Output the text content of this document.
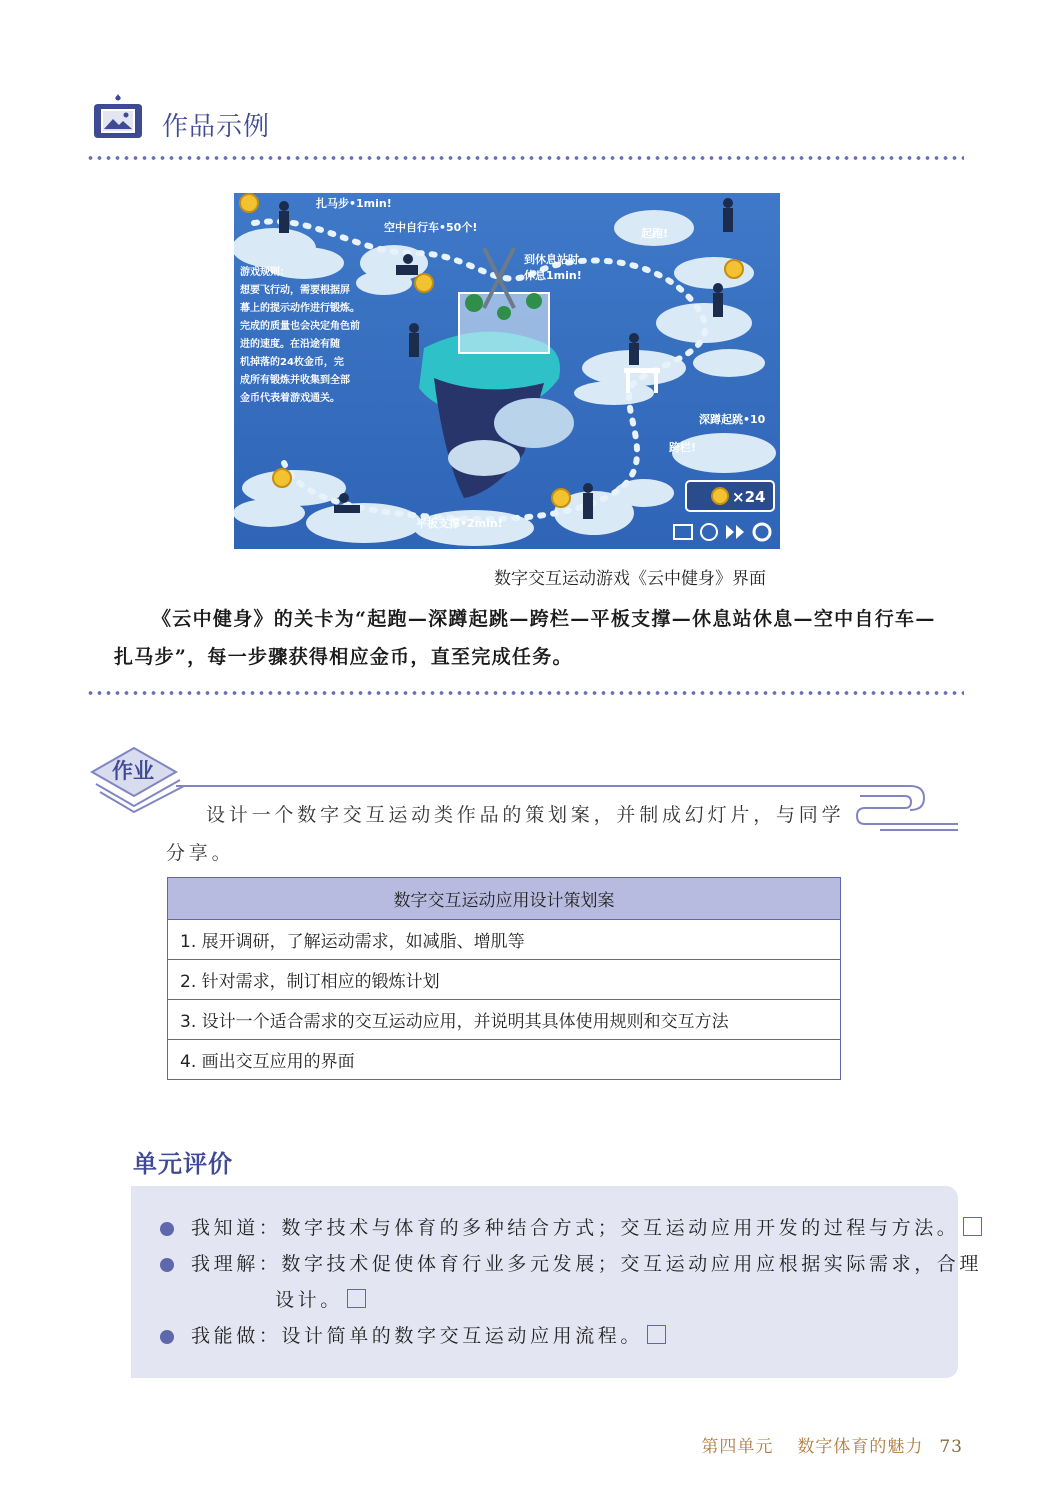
作品示例
扎马步•1min!
空中自行车•50个!	起跑!
跨栏!
深蹲起跳•10
平板支撑•2min!
到休息站时
休息1min!
游戏规则：
想要飞行动，需要根据屏
幕上的提示动作进行锻炼。
完成的质量也会决定角色前
进的速度。在沿途有随
机掉落的24枚金币，完
成所有锻炼并收集到全部
金币代表着游戏通关。
×24
数字交互运动游戏《云中健身》界面

《云中健身》的关卡为“起跑—深蹲起跳—跨栏—平板支撑—休息站休息—空中自行车—扎马步”，每一步骤获得相应金币，直至完成任务。

作业

设计一个数字交互运动类作品的策划案，并制成幻灯片，与同学分享。

数字交互运动应用设计策划案
1. 展开调研，了解运动需求，如减脂、增肌等
2. 针对需求，制订相应的锻炼计划
3. 设计一个适合需求的交互运动应用，并说明其具体使用规则和交互方法
4. 画出交互应用的界面
单元评价
我知道：数字技术与体育的多种结合方式；交互运动应用开发的过程与方法。
我理解：数字技术促使体育行业多元发展；交互运动应用应根据实际需求，合理
设计。
我能做：设计简单的数字交互运动应用流程。
第四单元 数字体育的魅力 73
